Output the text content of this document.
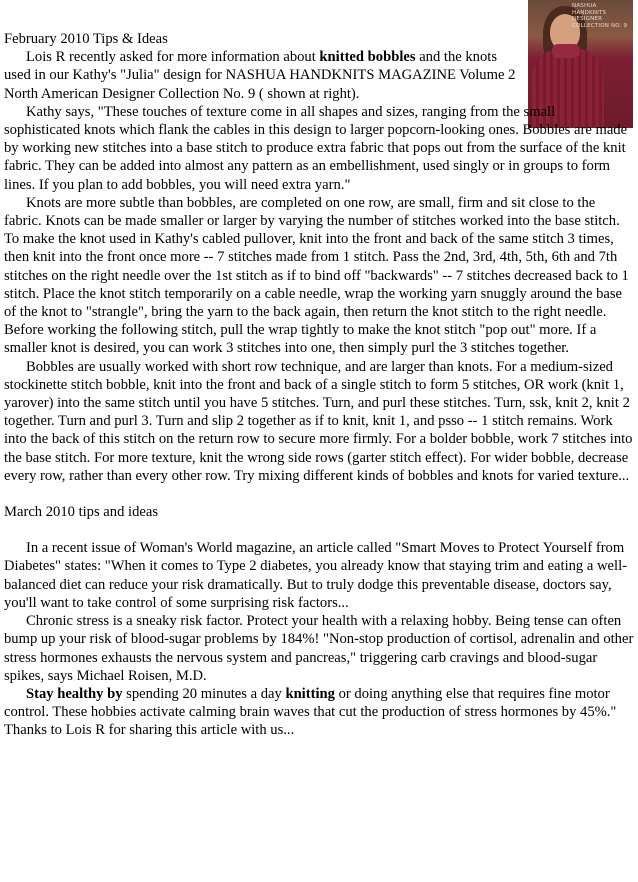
NASHUA HANDKNITS DESIGNER COLLECTION NO. 9

February 2010 Tips & Ideas

Lois R recently asked for more information about knitted bobbles and the knots used in our Kathy's "Julia" design for NASHUA HANDKNITS MAGAZINE Volume 2 North American Designer Collection No. 9 ( shown at right).

Kathy says, "These touches of texture come in all shapes and sizes, ranging from the small sophisticated knots which flank the cables in this design to larger popcorn-looking ones. Bobbles are made by working new stitches into a base stitch to produce extra fabric that pops out from the surface of the knit fabric. They can be added into almost any pattern as an embellishment, used singly or in groups to form lines. If you plan to add bobbles, you will need extra yarn."

Knots are more subtle than bobbles, are completed on one row, are small, firm and sit close to the fabric. Knots can be made smaller or larger by varying the number of stitches worked into the base stitch. To make the knot used in Kathy's cabled pullover, knit into the front and back of the same stitch 3 times, then knit into the front once more -- 7 stitches made from 1 stitch. Pass the 2nd, 3rd, 4th, 5th, 6th and 7th stitches on the right needle over the 1st stitch as if to bind off "backwards" -- 7 stitches decreased back to 1 stitch. Place the knot stitch temporarily on a cable needle, wrap the working yarn snuggly around the base of the knot to "strangle", bring the yarn to the back again, then return the knot stitch to the right needle. Before working the following stitch, pull the wrap tightly to make the knot stitch "pop out" more. If a smaller knot is desired, you can work 3 stitches into one, then simply purl the 3 stitches together.

Bobbles are usually worked with short row technique, and are larger than knots. For a medium-sized stockinette stitch bobble, knit into the front and back of a single stitch to form 5 stitches, OR work (knit 1, yarover) into the same stitch until you have 5 stitches. Turn, and purl these stitches. Turn, ssk, knit 2, knit 2 together. Turn and purl 3. Turn and slip 2 together as if to knit, knit 1, and psso -- 1 stitch remains. Work into the back of this stitch on the return row to secure more firmly. For a bolder bobble, work 7 stitches into the base stitch. For more texture, knit the wrong side rows (garter stitch effect). For wider bobble, decrease every row, rather than every other row. Try mixing different kinds of bobbles and knots for varied texture...

March 2010 tips and ideas

In a recent issue of Woman's World magazine, an article called "Smart Moves to Protect Yourself from Diabetes" states: "When it comes to Type 2 diabetes, you already know that staying trim and eating a well-balanced diet can reduce your risk dramatically. But to truly dodge this preventable disease, doctors say, you'll want to take control of some surprising risk factors...

Chronic stress is a sneaky risk factor. Protect your health with a relaxing hobby. Being tense can often bump up your risk of blood-sugar problems by 184%! "Non-stop production of cortisol, adrenalin and other stress hormones exhausts the nervous system and pancreas," triggering carb cravings and blood-sugar spikes, says Michael Roisen, M.D.

Stay healthy by spending 20 minutes a day knitting or doing anything else that requires fine motor control. These hobbies activate calming brain waves that cut the production of stress hormones by 45%." Thanks to Lois R for sharing this article with us...
